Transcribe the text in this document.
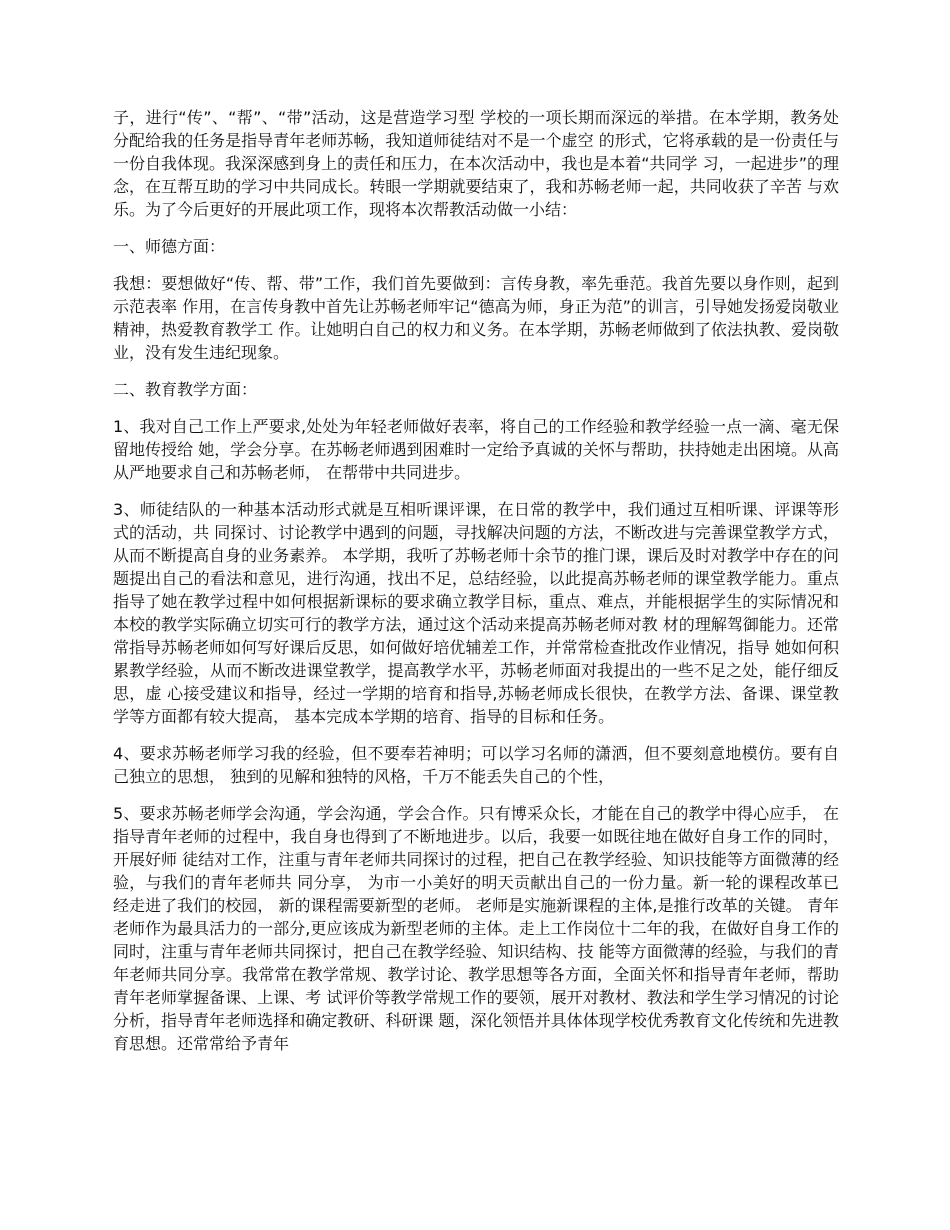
子，进行“传”、“帮”、“带”活动，这是营造学习型 学校的一项长期而深远的举措。在本学期，教务处分配给我的任务是指导青年老师苏畅，我知道师徒结对不是一个虚空 的形式，它将承载的是一份责任与一份自我体现。我深深感到身上的责任和压力，在本次活动中，我也是本着“共同学 习，一起进步”的理念，在互帮互助的学习中共同成长。转眼一学期就要结束了，我和苏畅老师一起，共同收获了辛苦 与欢乐。为了今后更好的开展此项工作，现将本次帮教活动做一小结：

一、师德方面：

我想：要想做好“传、帮、带”工作，我们首先要做到：言传身教，率先垂范。我首先要以身作则，起到示范表率 作用，在言传身教中首先让苏畅老师牢记“德高为师，身正为范”的训言，引导她发扬爱岗敬业精神，热爱教育教学工 作。让她明白自己的权力和义务。在本学期，苏畅老师做到了依法执教、爱岗敬业，没有发生违纪现象。

二、教育教学方面：

1、我对自己工作上严要求,处处为年轻老师做好表率，将自己的工作经验和教学经验一点一滴、毫无保留地传授给 她，学会分享。在苏畅老师遇到困难时一定给予真诚的关怀与帮助，扶持她走出困境。从高从严地要求自己和苏畅老师， 在帮带中共同进步。

3、师徒结队的一种基本活动形式就是互相听课评课，在日常的教学中，我们通过互相听课、评课等形式的活动，共 同探讨、讨论教学中遇到的问题，寻找解决问题的方法，不断改进与完善课堂教学方式，从而不断提高自身的业务素养。 本学期，我听了苏畅老师十余节的推门课，课后及时对教学中存在的问题提出自己的看法和意见，进行沟通，找出不足，总结经验，以此提高苏畅老师的课堂教学能力。重点指导了她在教学过程中如何根据新课标的要求确立教学目标，重点、难点，并能根据学生的实际情况和本校的教学实际确立切实可行的教学方法，通过这个活动来提高苏畅老师对教 材的理解驾御能力。还常常指导苏畅老师如何写好课后反思，如何做好培优辅差工作，并常常检查批改作业情况，指导 她如何积累教学经验，从而不断改进课堂教学，提高教学水平，苏畅老师面对我提出的一些不足之处，能仔细反思，虚 心接受建议和指导，经过一学期的培育和指导,苏畅老师成长很快，在教学方法、备课、课堂教学等方面都有较大提高， 基本完成本学期的培育、指导的目标和任务。

4、要求苏畅老师学习我的经验，但不要奉若神明；可以学习名师的潇洒，但不要刻意地模仿。要有自己独立的思想， 独到的见解和独特的风格，千万不能丢失自己的个性，

5、要求苏畅老师学会沟通，学会沟通，学会合作。只有博采众长，才能在自己的教学中得心应手， 在指导青年老师的过程中，我自身也得到了不断地进步。以后，我要一如既往地在做好自身工作的同时，开展好师 徒结对工作，注重与青年老师共同探讨的过程，把自己在教学经验、知识技能等方面微薄的经验，与我们的青年老师共 同分享， 为市一小美好的明天贡献出自己的一份力量。新一轮的课程改革已经走进了我们的校园， 新的课程需要新型的老师。 老师是实施新课程的主体,是推行改革的关键。 青年老师作为最具活力的一部分,更应该成为新型老师的主体。走上工作岗位十二年的我，在做好自身工作的同时，注重与青年老师共同探讨，把自己在教学经验、知识结构、技 能等方面微薄的经验，与我们的青年老师共同分享。我常常在教学常规、教学讨论、教学思想等各方面，全面关怀和指导青年老师，帮助青年老师掌握备课、上课、考 试评价等教学常规工作的要领，展开对教材、教法和学生学习情况的讨论分析，指导青年老师选择和确定教研、科研课 题，深化领悟并具体体现学校优秀教育文化传统和先进教育思想。还常常给予青年
